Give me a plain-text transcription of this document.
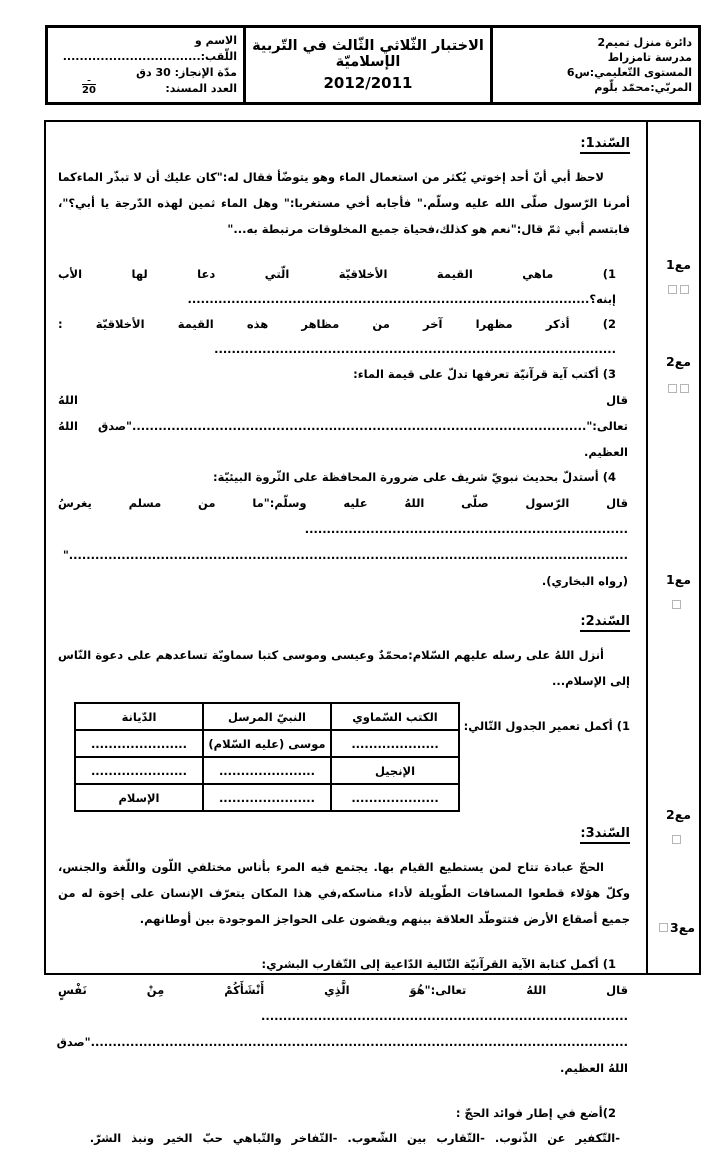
دائرة منزل تميم2
مدرسة تامزراط
المستوى التّعليمي:س6
المربّي:محمّد بلّوم

الاختبار الثّلاثي الثّالث في التّربية الإسلاميّة
2012/2011

الاسم و اللّقب:.................................
مدّة الإنجاز: 30 دق
العدد المسند:
ـ
20
مع1
مع2
مع1
مع2
مع3
السّند1:

لاحظ أبي أنّ أحد إخوتي يُكثر من استعمال الماء وهو يتوضّأ فقال له:"كان عليك أن لا تبذّر الماءكما أمرنا الرّسول صلّى الله عليه وسلّم." فأجابه أخي مستغربا:" وهل الماء ثمين لهذه الدّرجة يا أبي؟"، فابتسم أبي ثمّ قال:"نعم هو كذلك،فحياة جميع المخلوقات مرتبطة به..."

1) ماهي القيمة الأخلاقيّة الّتي دعا لها الأب إبنه؟............................................................................................
2) أذكر مظهرا آخر من مظاهر هذه القيمة الأخلاقيّة : ............................................................................................
3) أكتب آية قرآنيّة تعرفها تدلّ على قيمة الماء:
قال اللهُ تعالى:"........................................................................................................"صدق اللهُ العظيم.
4) أستدلّ بحديث نبويّ شريف على ضرورة المحافظة على الثّروة البيئيّة:
قال الرّسول صلّى اللهُ عليه وسلّم:"ما من مسلم يغرسُ ..........................................................................
................................................................................................................................" (رواه البخاري).
السّند2:

أنزل اللهُ على رسله عليهم السّلام:محمّدٌ وعيسى وموسى كتبا سماويّة تساعدهم على دعوة النّاس إلى الإسلام...

1) أكمل تعمير الجدول التّالي:
الكتب السّماوي	النبيّ المرسل	الدّيانة
....................	موسى (عليه السّلام)	......................
الإنجيل	......................	......................
....................	......................	الإسلام
السّند3:

الحجّ عبادة تتاح لمن يستطيع القيام بها. يجتمع فيه المرء بأناس مختلفي اللّون واللّغة والجنس، وكلّ هؤلاء قطعوا المسافات الطّويلة لأداء مناسكه,في هذا المكان يتعرّف الإنسان على إخوة له من جميع أصقاع الأرض فتتوطّد العلاقة بينهم ويقضون على الحواجز الموجودة بين أوطانهم.

1) أكمل كتابة الآية القرآنيّة التّالية الدّاعية إلى التّقارب البشري:
قال اللهُ تعالى:"هُوَ الَّذِي أَنْشَأَكُمْ مِنْ نَفْسٍ ....................................................................................
..........................................................................................................................."صدق اللهُ العظيم.
2)أضع في إطار فوائد الحجّ :
-التّكفير عن الذّنوب. -التّقارب بين الشّعوب. -التّفاخر والتّباهي حبّ الخير ونبذ الشرّ.
